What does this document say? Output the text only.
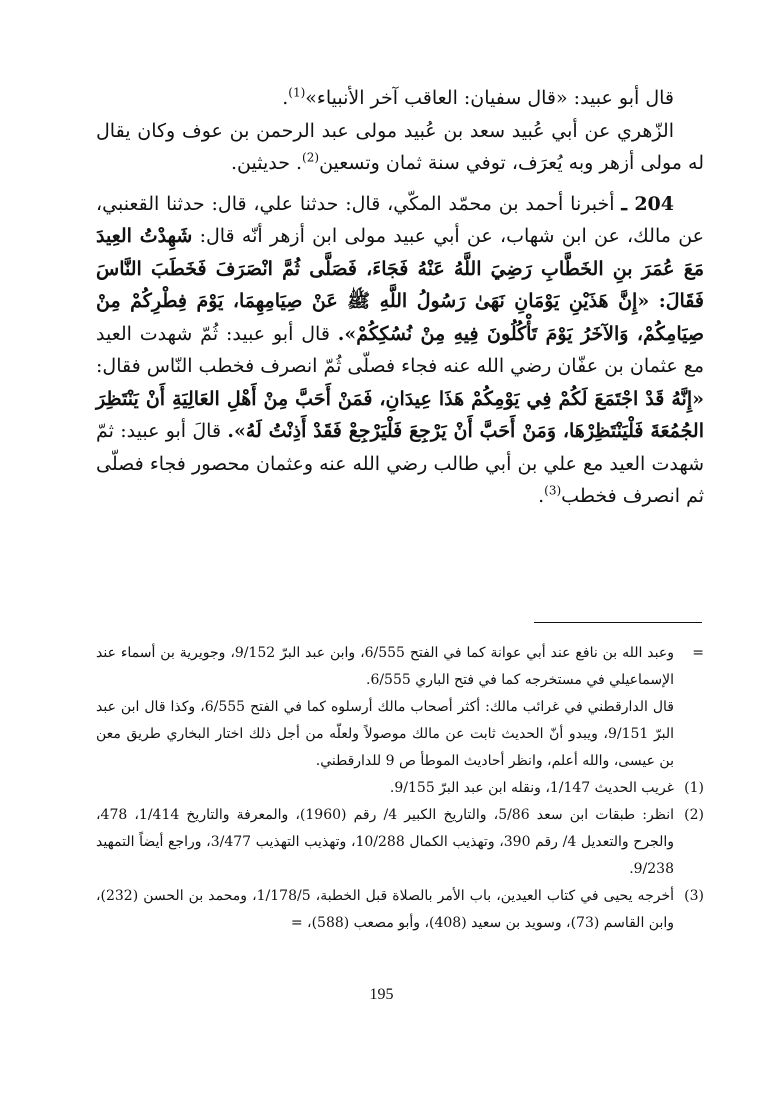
قال أبو عبيد: «قال سفيان: العاقب آخر الأنبياء»$^{(1)}$.

الزّهري عن أبي عُبيد سعد بن عُبيد مولى عبد الرحمن بن عوف وكان يقال له مولى أزهر وبه يُعرَف، توفي سنة ثمان وتسعين$^{(2)}$. حديثين.

204 ـ أخبرنا أحمد بن محمّد المكّي، قال: حدثنا علي، قال: حدثنا القعنبي، عن مالك، عن ابن شهاب، عن أبي عبيد مولى ابن أزهر أنّه قال: شَهِدْتُ العِيدَ مَعَ عُمَرَ بنِ الخَطَّابِ رَضِيَ اللَّهُ عَنْهُ فَجَاءَ، فَصَلَّى ثُمَّ انْصَرَفَ فَخَطَبَ النَّاسَ فَقَالَ: «إِنَّ هَذَيْنِ يَوْمَانِ نَهَىٰ رَسُولُ اللَّهِ ﷺ عَنْ صِيَامِهِمَا، يَوْمَ فِطْرِكُمْ مِنْ صِيَامِكُمْ، وَالآخَرُ يَوْمَ تَأْكُلُونَ فِيهِ مِنْ نُسُكِكُمْ». قال أبو عبيد: ثُمّ شهدت العيد مع عثمان بن عفّان رضي الله عنه فجاء فصلّى ثُمّ انصرف فخطب النّاس فقال: «إِنَّهُ قَدْ اجْتَمَعَ لَكُمْ فِي يَوْمِكُمْ هَذَا عِيدَانِ، فَمَنْ أَحَبَّ مِنْ أَهْلِ العَالِيَةِ أَنْ يَنْتَظِرَ الجُمُعَةَ فَلْيَنْتَظِرْهَا، وَمَنْ أَحَبَّ أَنْ يَرْجِعَ فَلْيَرْجِعْ فَقَدْ أَذِنْتُ لَهُ». قالَ أبو عبيد: ثمّ شهدت العيد مع علي بن أبي طالب رضي الله عنه وعثمان محصور فجاء فصلّى ثم انصرف فخطب$^{(3)}$.

=
وعبد الله بن نافع عند أبي عوانة كما في الفتح 6/555، وابن عبد البرّ 9/152، وجويرية بن أسماء عند الإسماعيلي في مستخرجه كما في فتح الباري 6/555.

قال الدارقطني في غرائب مالك: أكثر أصحاب مالك أرسلوه كما في الفتح 6/555، وكذا قال ابن عبد البرّ 9/151، ويبدو أنّ الحديث ثابت عن مالك موصولاً ولعلّه من أجل ذلك اختار البخاري طريق معن بن عيسى، والله أعلم، وانظر أحاديث الموطأ ص 9 للدارقطني.

(1)
غريب الحديث 1/147، ونقله ابن عبد البرّ 9/155.

(2)
انظر: طبقات ابن سعد 5/86، والتاريخ الكبير 4/ رقم (1960)، والمعرفة والتاريخ 1/414، 478، والجرح والتعديل 4/ رقم 390، وتهذيب الكمال 10/288، وتهذيب التهذيب 3/477، وراجع أيضاً التمهيد 9/238.

(3)
أخرجه يحيى في كتاب العيدين، باب الأمر بالصلاة قبل الخطبة، 1/178/5، ومحمد بن الحسن (232)، وابن القاسم (73)، وسويد بن سعيد (408)، وأبو مصعب (588)، =

195
